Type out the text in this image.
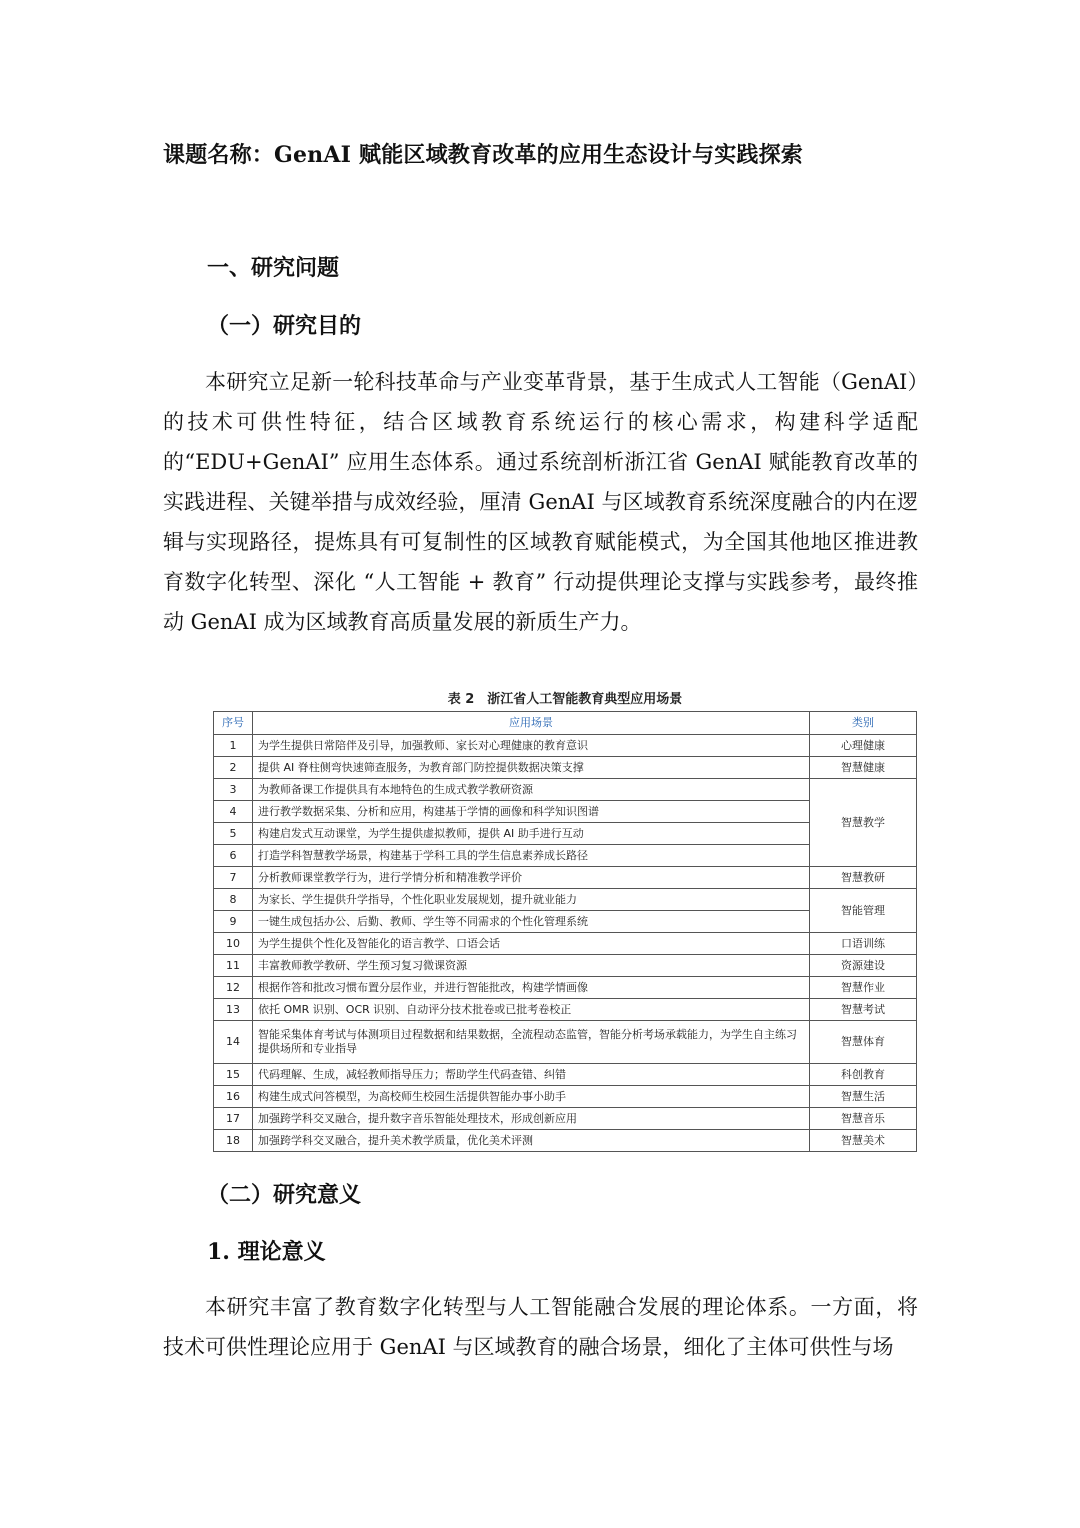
课题名称：GenAI 赋能区域教育改革的应用生态设计与实践探索
一、研究问题
（一）研究目的
本研究立足新一轮科技革命与产业变革背景，基于生成式人工智能（GenAI）的技术可供性特征，结合区域教育系统运行的核心需求，构建科学适配的“EDU+GenAI” 应用生态体系。通过系统剖析浙江省 GenAI 赋能教育改革的实践进程、关键举措与成效经验，厘清 GenAI 与区域教育系统深度融合的内在逻辑与实现路径，提炼具有可复制性的区域教育赋能模式，为全国其他地区推进教育数字化转型、深化 “人工智能 + 教育” 行动提供理论支撑与实践参考，最终推动 GenAI 成为区域教育高质量发展的新质生产力。
表 2　浙江省人工智能教育典型应用场景
序号	应用场景	类别
1	为学生提供日常陪伴及引导，加强教师、家长对心理健康的教育意识	心理健康
2	提供 AI 脊柱侧弯快速筛查服务，为教育部门防控提供数据决策支撑	智慧健康
3	为教师备课工作提供具有本地特色的生成式教学教研资源	智慧教学
4	进行教学数据采集、分析和应用，构建基于学情的画像和科学知识图谱	
5	构建启发式互动课堂，为学生提供虚拟教师，提供 AI 助手进行互动	
6	打造学科智慧教学场景，构建基于学科工具的学生信息素养成长路径	
7	分析教师课堂教学行为，进行学情分析和精准教学评价	智慧教研
8	为家长、学生提供升学指导，个性化职业发展规划，提升就业能力	智能管理
9	一键生成包括办公、后勤、教师、学生等不同需求的个性化管理系统	
10	为学生提供个性化及智能化的语言教学、口语会话	口语训练
11	丰富教师教学教研、学生预习复习微课资源	资源建设
12	根据作答和批改习惯布置分层作业，并进行智能批改，构建学情画像	智慧作业
13	依托 OMR 识别、OCR 识别、自动评分技术批卷或已批考卷校正	智慧考试
14	智能采集体育考试与体测项目过程数据和结果数据，全流程动态监管，智能分析考场承载能力，为学生自主练习提供场所和专业指导	智慧体育
15	代码理解、生成，减轻教师指导压力；帮助学生代码查错、纠错	科创教育
16	构建生成式问答模型，为高校师生校园生活提供智能办事小助手	智慧生活
17	加强跨学科交叉融合，提升数字音乐智能处理技术，形成创新应用	智慧音乐
18	加强跨学科交叉融合，提升美术教学质量，优化美术评测	智慧美术
（二）研究意义
1. 理论意义
本研究丰富了教育数字化转型与人工智能融合发展的理论体系。一方面，将技术可供性理论应用于 GenAI 与区域教育的融合场景，细化了主体可供性与场
